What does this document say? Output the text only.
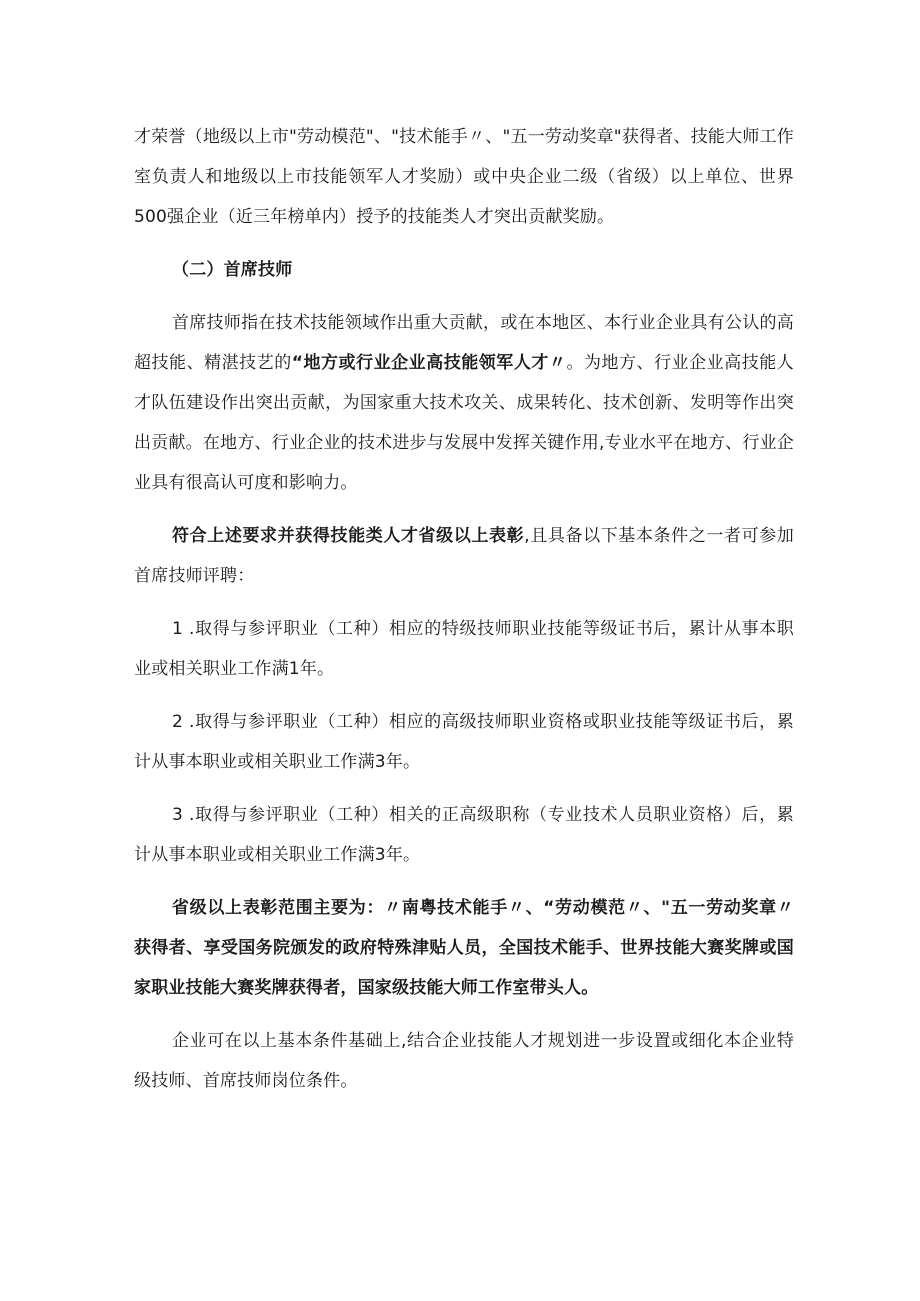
才荣誉（地级以上市"劳动模范"、"技术能手〃、"五一劳动奖章"获得者、技能大师工作室负责人和地级以上市技能领军人才奖励）或中央企业二级（省级）以上单位、世界500强企业（近三年榜单内）授予的技能类人才突出贡献奖励。

（二）首席技师

首席技师指在技术技能领域作出重大贡献，或在本地区、本行业企业具有公认的高超技能、精湛技艺的“地方或行业企业高技能领军人才〃。为地方、行业企业高技能人才队伍建设作出突出贡献，为国家重大技术攻关、成果转化、技术创新、发明等作出突出贡献。在地方、行业企业的技术进步与发展中发挥关键作用,专业水平在地方、行业企业具有很高认可度和影响力。

符合上述要求并获得技能类人才省级以上表彰,且具备以下基本条件之一者可参加首席技师评聘：

1 .取得与参评职业（工种）相应的特级技师职业技能等级证书后，累计从事本职业或相关职业工作满1年。

2 .取得与参评职业（工种）相应的高级技师职业资格或职业技能等级证书后，累计从事本职业或相关职业工作满3年。

3 .取得与参评职业（工种）相关的正高级职称（专业技术人员职业资格）后，累计从事本职业或相关职业工作满3年。

省级以上表彰范围主要为：〃南粤技术能手〃、“劳动模范〃、"五一劳动奖章〃获得者、享受国务院颁发的政府特殊津贴人员，全国技术能手、世界技能大赛奖牌或国家职业技能大赛奖牌获得者，国家级技能大师工作室带头人。

企业可在以上基本条件基础上,结合企业技能人才规划进一步设置或细化本企业特级技师、首席技师岗位条件。
